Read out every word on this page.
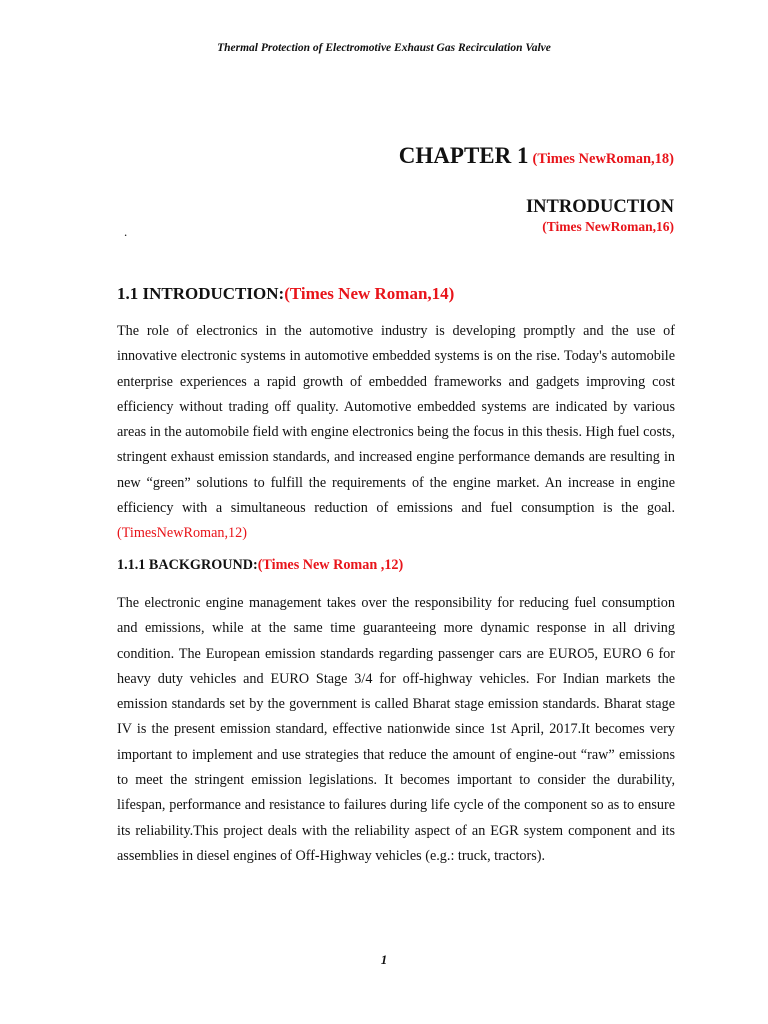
Thermal Protection of Electromotive Exhaust Gas Recirculation Valve
CHAPTER 1 (Times NewRoman,18)
INTRODUCTION
(Times NewRoman,16)
.
1.1 INTRODUCTION:(Times New Roman,14)
The role of electronics in the automotive industry is developing promptly and the use of innovative electronic systems in automotive embedded systems is on the rise. Today's automobile enterprise experiences a rapid growth of embedded frameworks and gadgets improving cost efficiency without trading off quality. Automotive embedded systems are indicated by various areas in the automobile field with engine electronics being the focus in this thesis. High fuel costs, stringent exhaust emission standards, and increased engine performance demands are resulting in new “green” solutions to fulfill the requirements of the engine market. An increase in engine efficiency with a simultaneous reduction of emissions and fuel consumption is the goal.(TimesNewRoman,12)
1.1.1 BACKGROUND:(Times New Roman ,12)
The electronic engine management takes over the responsibility for reducing fuel consumption and emissions, while at the same time guaranteeing more dynamic response in all driving condition. The European emission standards regarding passenger cars are EURO5, EURO 6 for heavy duty vehicles and EURO Stage 3/4 for off-highway vehicles. For Indian markets the emission standards set by the government is called Bharat stage emission standards. Bharat stage IV is the present emission standard, effective nationwide since 1st April, 2017.It becomes very important to implement and use strategies that reduce the amount of engine-out “raw” emissions to meet the stringent emission legislations. It becomes important to consider the durability, lifespan, performance and resistance to failures during life cycle of the component so as to ensure its reliability.This project deals with the reliability aspect of an EGR system component and its assemblies in diesel engines of Off-Highway vehicles (e.g.: truck, tractors).
1
